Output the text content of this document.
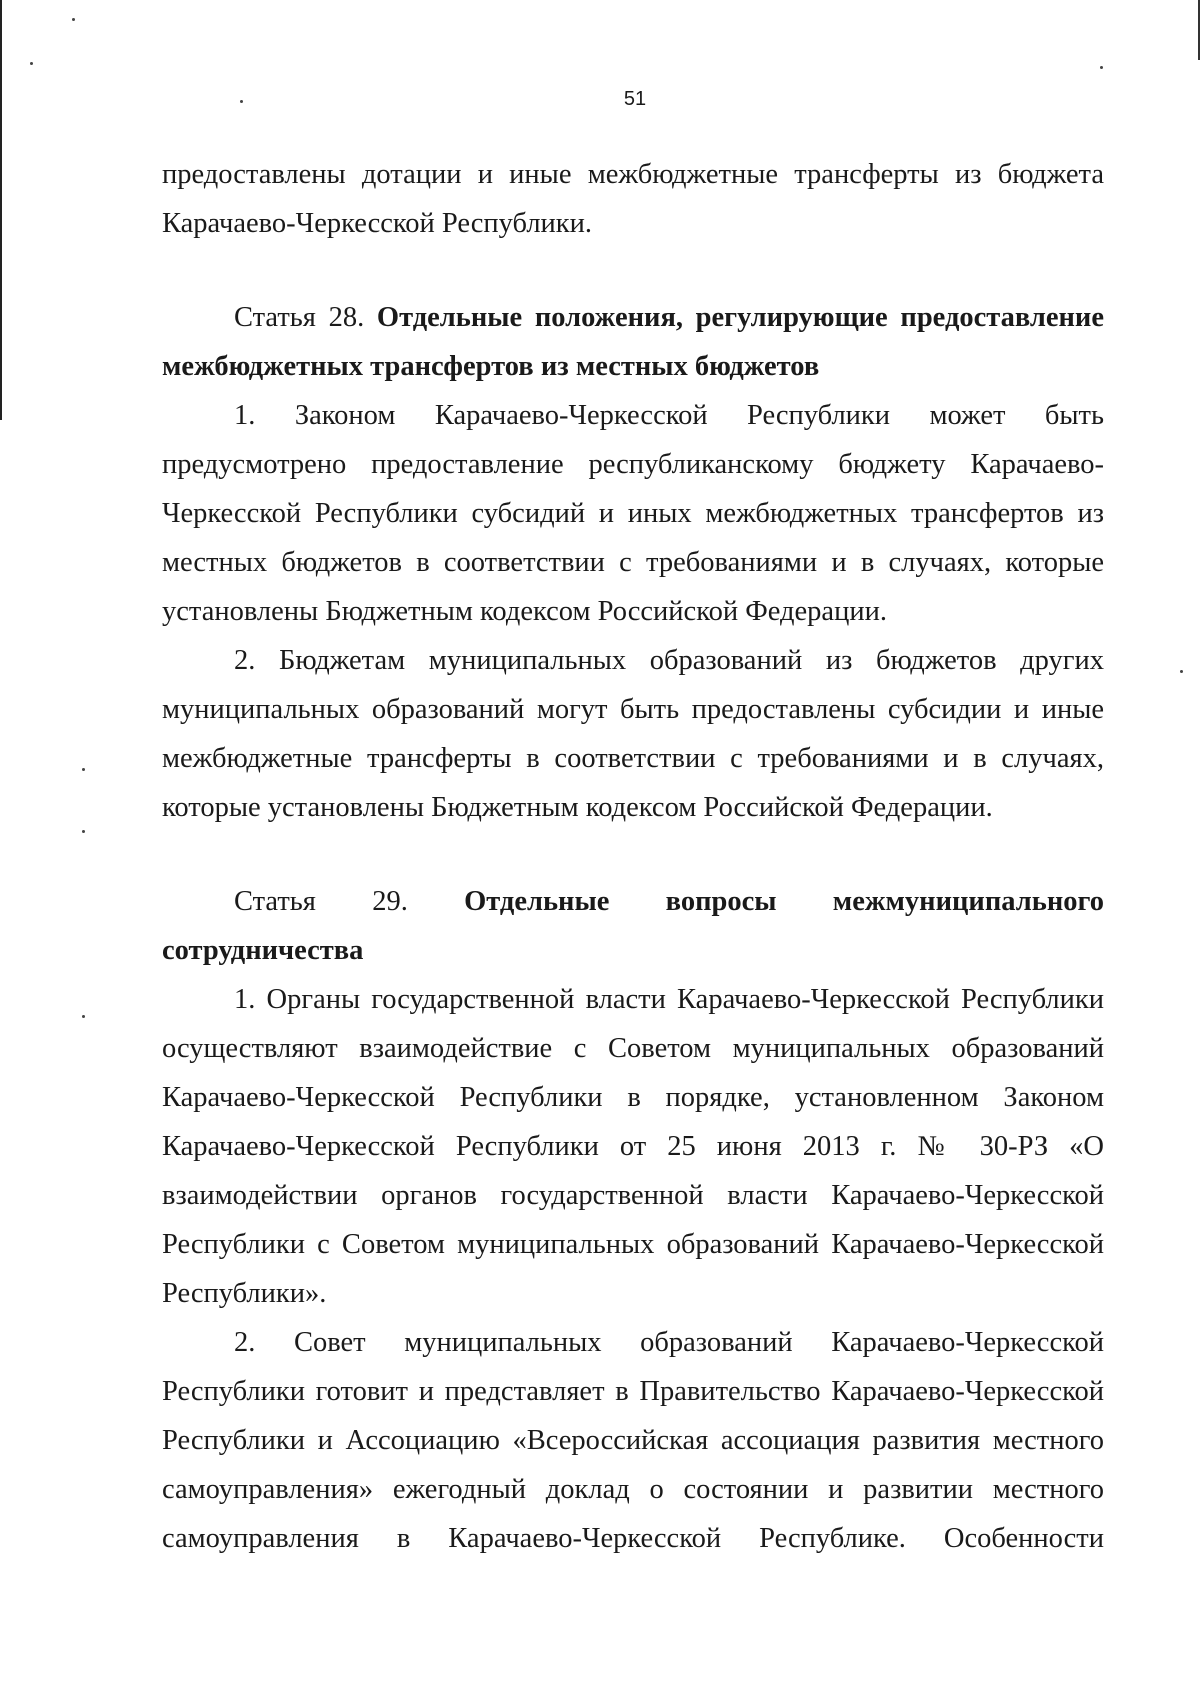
51

предоставлены дотации и иные межбюджетные трансферты из бюджета Карачаево-Черкесской Республики.

Статья 28. Отдельные положения, регулирующие предоставление межбюджетных трансфертов из местных бюджетов

1. Законом Карачаево-Черкесской Республики может быть предусмотрено предоставление республиканскому бюджету Карачаево-Черкесской Республики субсидий и иных межбюджетных трансфертов из местных бюджетов в соответствии с требованиями и в случаях, которые установлены Бюджетным кодексом Российской Федерации.

2. Бюджетам муниципальных образований из бюджетов других муниципальных образований могут быть предоставлены субсидии и иные межбюджетные трансферты в соответствии с требованиями и в случаях, которые установлены Бюджетным кодексом Российской Федерации.

Статья 29. Отдельные вопросы межмуниципального сотрудничества

1. Органы государственной власти Карачаево-Черкесской Республики осуществляют взаимодействие с Советом муниципальных образований Карачаево-Черкесской Республики в порядке, установленном Законом Карачаево-Черкесской Республики от 25 июня 2013 г. № 30-РЗ «О взаимодействии органов государственной власти Карачаево-Черкесской Республики с Советом муниципальных образований Карачаево-Черкесской Республики».

2. Совет муниципальных образований Карачаево-Черкесской Республики готовит и представляет в Правительство Карачаево-Черкесской Республики и Ассоциацию «Всероссийская ассоциация развития местного самоуправления» ежегодный доклад о состоянии и развитии местного самоуправления в Карачаево-Черкесской Республике. Особенности
